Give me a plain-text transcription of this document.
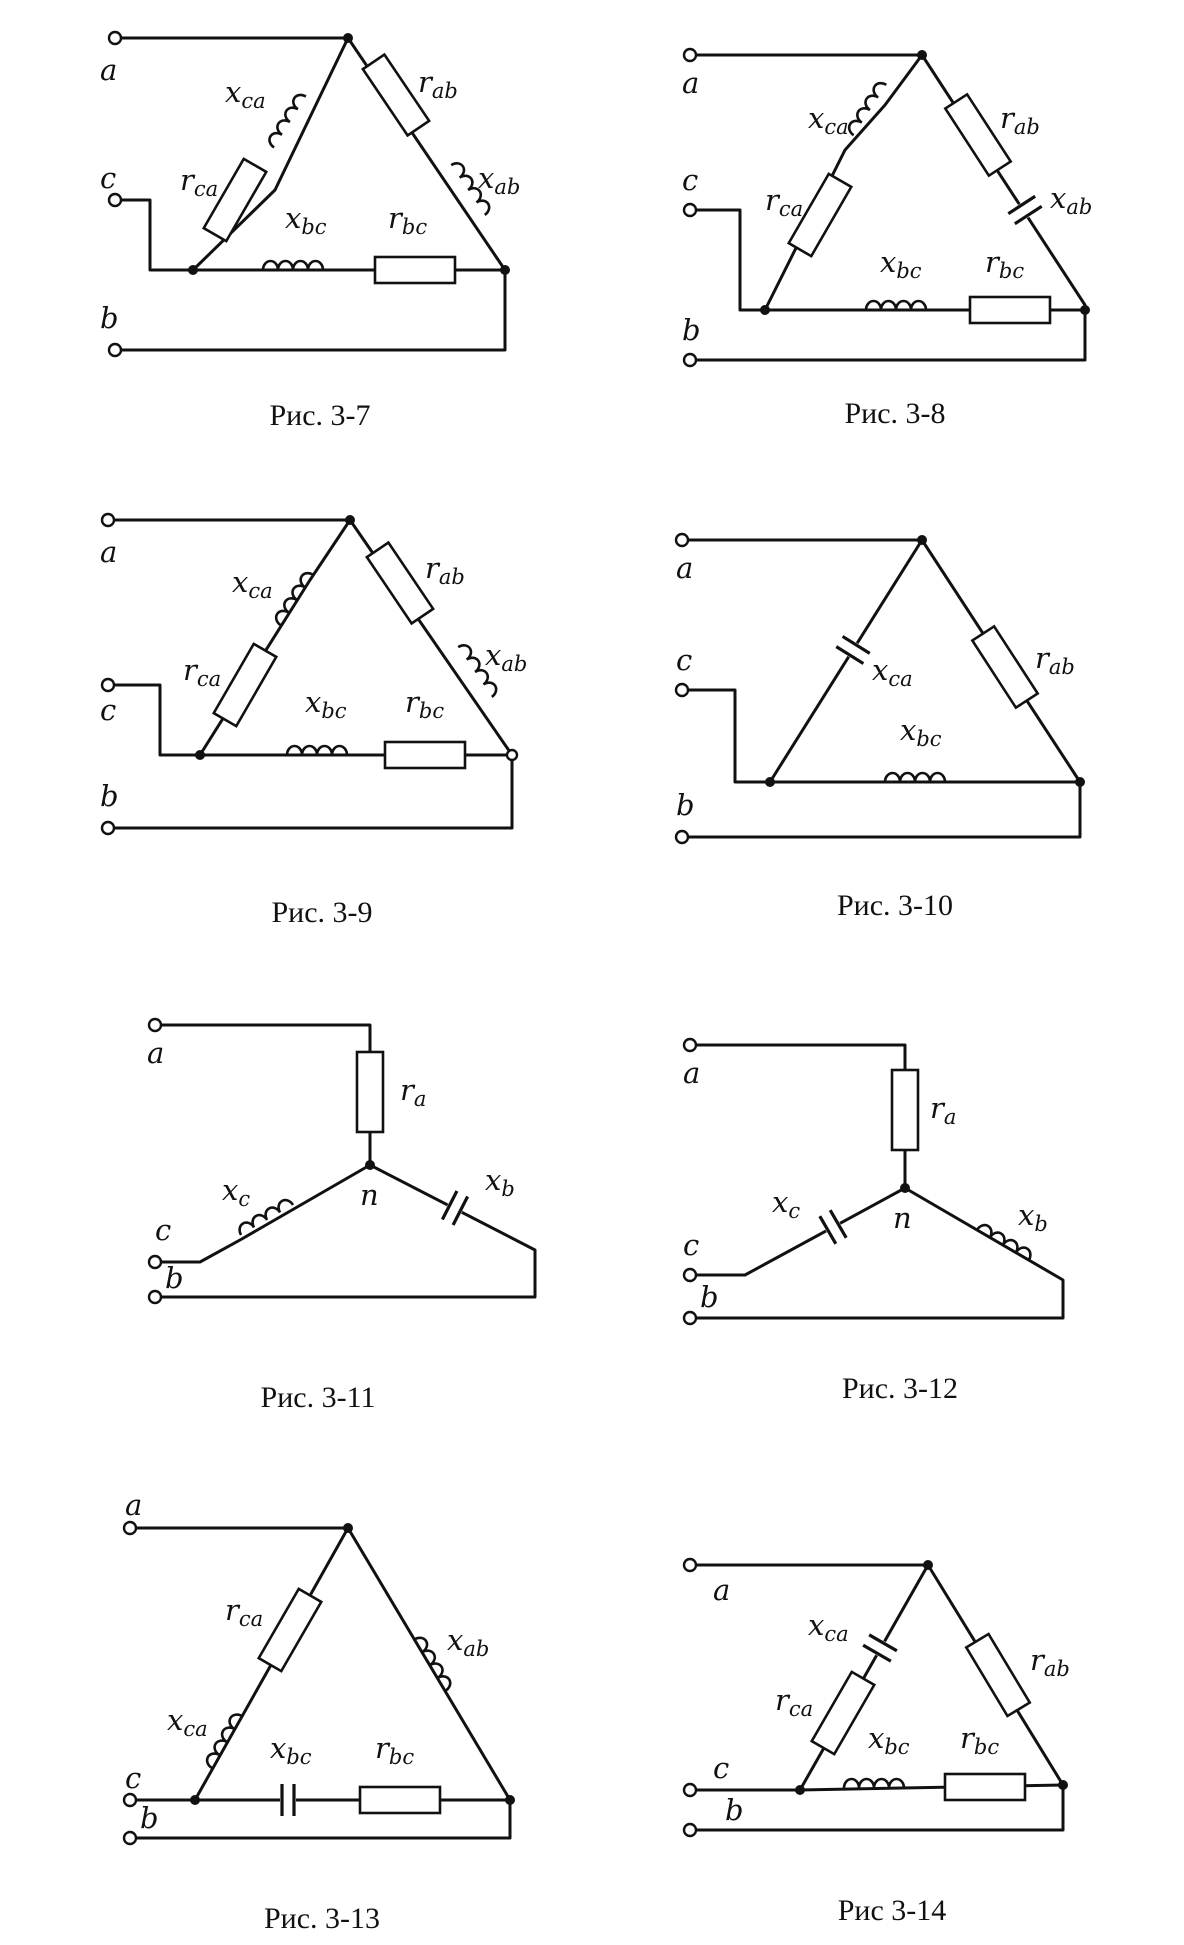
a
c
b
$r_{ab}$
$x_{ab}$
$x_{ca}$
$r_{ca}$
$x_{bc}$ $r_{bc}$
Рис. 3-7
a
c
b
$x_{ca}$
$r_{ca}$
$r_{ab}$
$x_{ab}$
$x_{bc}$ $r_{bc}$
Рис. 3-8
a
c
b
$x_{ca}$
$r_{ca}$
$r_{ab}$
$x_{ab}$
$x_{bc}$ $r_{bc}$
Рис. 3-9
a
c
b
$x_{ca}$
$r_{ab}$
$x_{bc}$
Рис. 3-10
a
c
b
n
$r_a$
$x_b$
$x_c$
Рис. 3-11
a
c
b
n
$r_a$
$x_b$
$x_c$
Рис. 3-12
a
c
b
$r_{ca}$
$x_{ca}$
$x_{ab}$
$x_{bc}$ $r_{bc}$
Рис. 3-13
a
c
b
$x_{ca}$
$r_{ca}$
$r_{ab}$
$x_{bc}$ $r_{bc}$
Рис 3-14
